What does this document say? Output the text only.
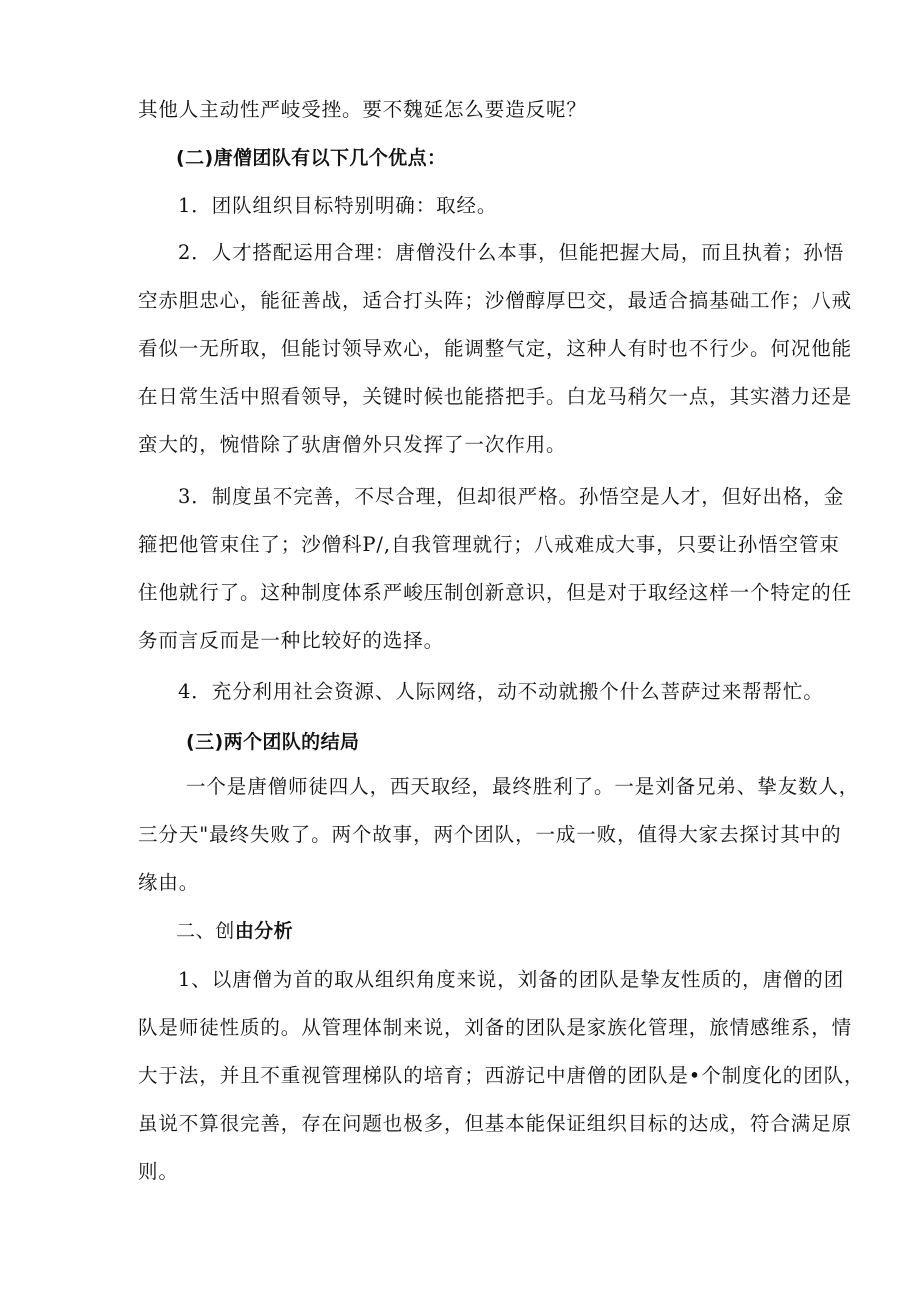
其他人主动性严岐受挫。要不魏延怎么要造反呢？
(二)唐僧团队有以下几个优点：
1．团队组织目标特别明确：取经。
2．人才搭配运用合理：唐僧没什么本事，但能把握大局，而且执着；孙悟
空赤胆忠心，能征善战，适合打头阵；沙僧醇厚巴交，最适合搞基础工作；八戒
看似一无所取，但能讨领导欢心，能调整气定，这种人有时也不行少。何况他能
在日常生活中照看领导，关键时候也能搭把手。白龙马稍欠一点，其实潜力还是
蛮大的，惋惜除了驮唐僧外只发挥了一次作用。
3．制度虽不完善，不尽合理，但却很严格。孙悟空是人才，但好出格，金
箍把他管束住了；沙僧科P/,自我管理就行；八戒难成大事，只要让孙悟空管束
住他就行了。这种制度体系严峻压制创新意识，但是对于取经这样一个特定的任
务而言反而是一种比较好的选择。
4．充分利用社会资源、人际网络，动不动就搬个什么菩萨过来帮帮忙。
(三)两个团队的结局
一个是唐僧师徒四人，西天取经，最终胜利了。一是刘备兄弟、挚友数人，
三分天"最终失败了。两个故事，两个团队，一成一败，值得大家去探讨其中的
缘由。
二、创由分析
1、以唐僧为首的取从组织角度来说，刘备的团队是挚友性质的，唐僧的团
队是师徒性质的。从管理体制来说，刘备的团队是家族化管理，旅情感维系，情
大于法，并且不重视管理梯队的培育；西游记中唐僧的团队是•个制度化的团队，
虽说不算很完善，存在问题也极多，但基本能保证组织目标的达成，符合满足原
则。
